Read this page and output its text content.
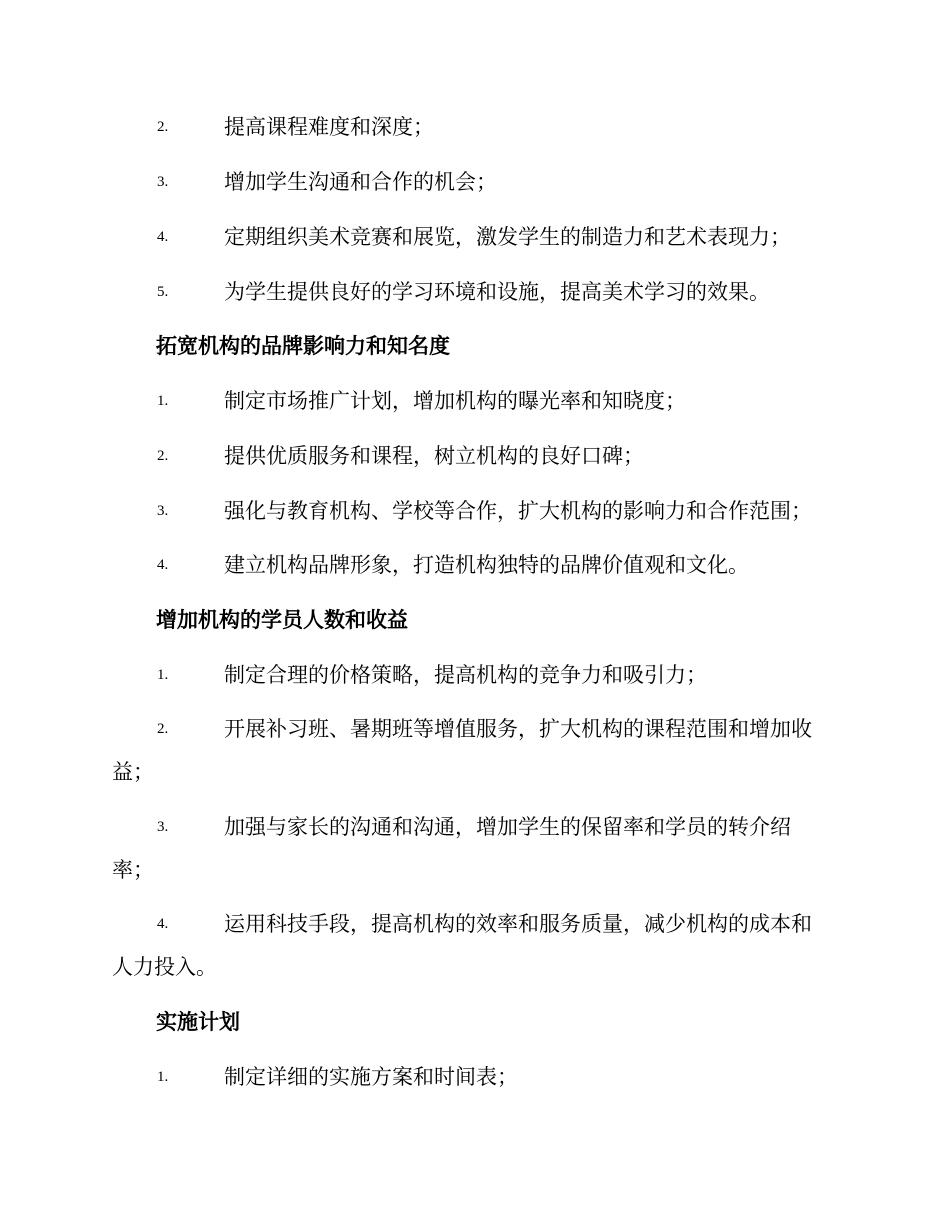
2.	提高课程难度和深度；
3.	增加学生沟通和合作的机会；
4.	定期组织美术竞赛和展览，激发学生的制造力和艺术表现力；
5.	为学生提供良好的学习环境和设施，提高美术学习的效果。
拓宽机构的品牌影响力和知名度
1.	制定市场推广计划，增加机构的曝光率和知晓度；
2.	提供优质服务和课程，树立机构的良好口碑；
3.	强化与教育机构、学校等合作，扩大机构的影响力和合作范围；
4.	建立机构品牌形象，打造机构独特的品牌价值观和文化。
增加机构的学员人数和收益
1.	制定合理的价格策略，提高机构的竞争力和吸引力；
2.	开展补习班、暑期班等增值服务，扩大机构的课程范围和增加收
益；
3.	加强与家长的沟通和沟通，增加学生的保留率和学员的转介绍
率；
4.	运用科技手段，提高机构的效率和服务质量，减少机构的成本和
人力投入。
实施计划
1.	制定详细的实施方案和时间表；
